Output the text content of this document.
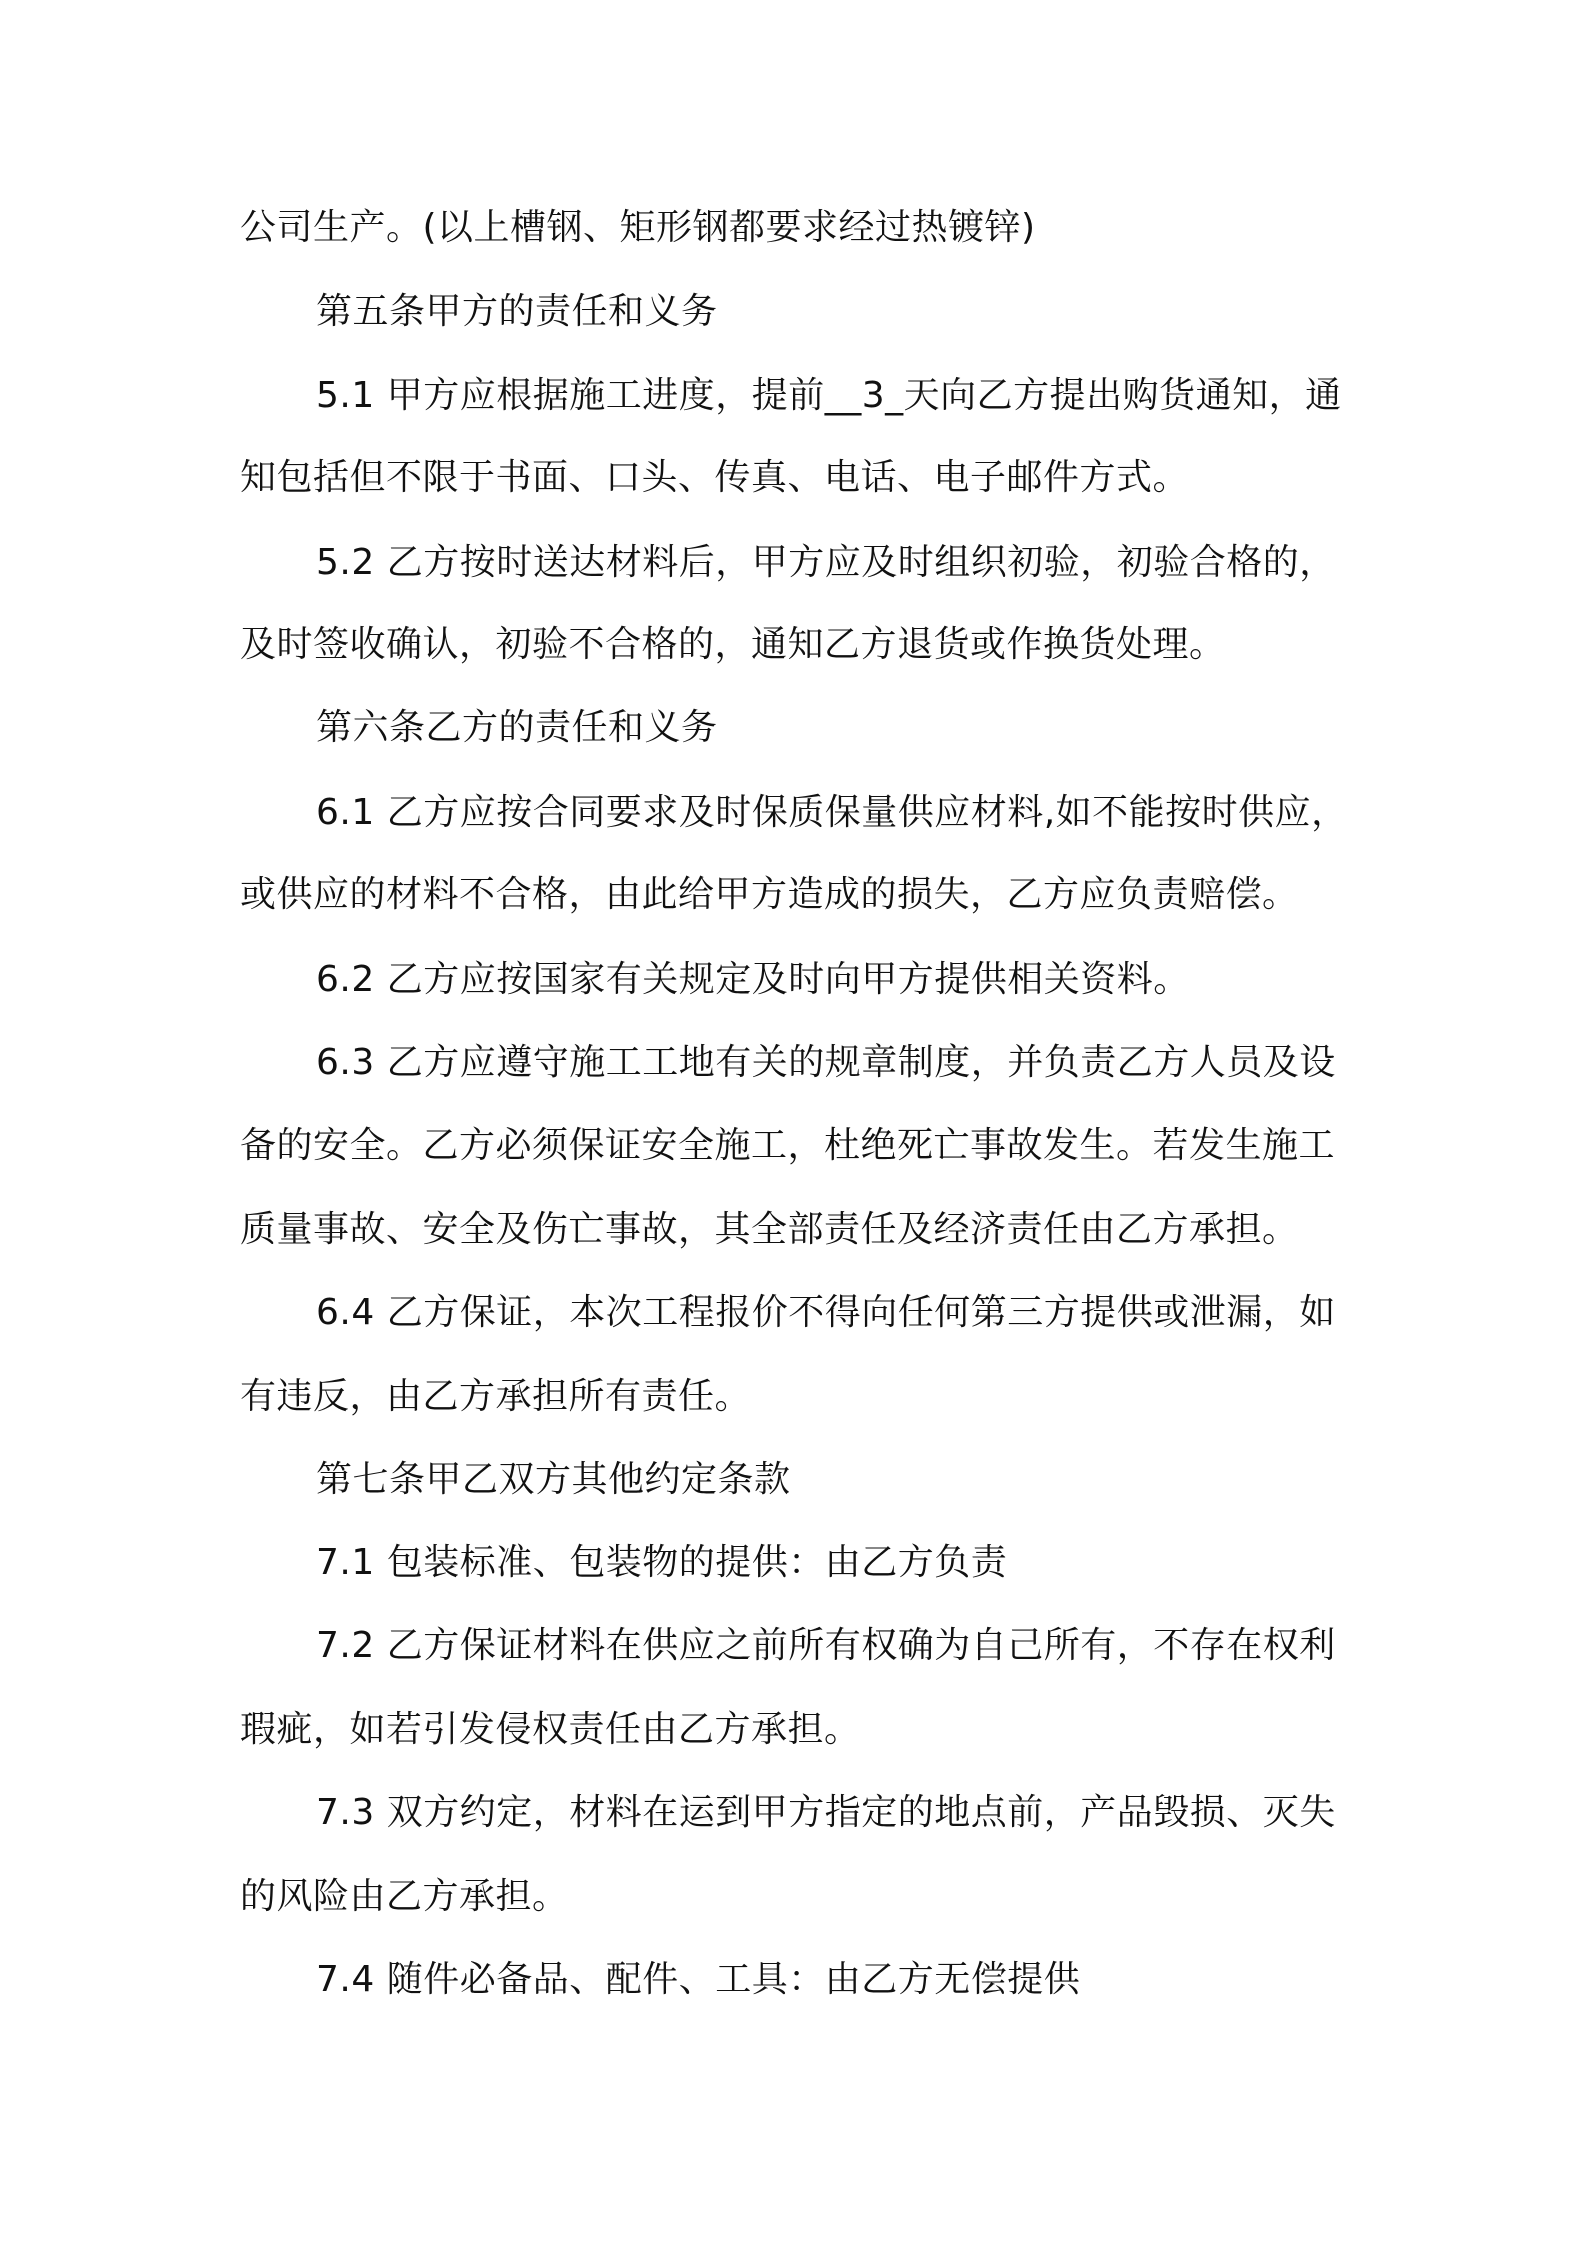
公司生产。(以上槽钢、矩形钢都要求经过热镀锌)
第五条甲方的责任和义务
5.1 甲方应根据施工进度，提前__3_天向乙方提出购货通知，通
知包括但不限于书面、口头、传真、电话、电子邮件方式。
5.2 乙方按时送达材料后，甲方应及时组织初验，初验合格的，
及时签收确认，初验不合格的，通知乙方退货或作换货处理。
第六条乙方的责任和义务
6.1 乙方应按合同要求及时保质保量供应材料,如不能按时供应，
或供应的材料不合格，由此给甲方造成的损失，乙方应负责赔偿。
6.2 乙方应按国家有关规定及时向甲方提供相关资料。
6.3 乙方应遵守施工工地有关的规章制度，并负责乙方人员及设
备的安全。乙方必须保证安全施工，杜绝死亡事故发生。若发生施工
质量事故、安全及伤亡事故，其全部责任及经济责任由乙方承担。
6.4 乙方保证，本次工程报价不得向任何第三方提供或泄漏，如
有违反，由乙方承担所有责任。
第七条甲乙双方其他约定条款
7.1 包装标准、包装物的提供：由乙方负责
7.2 乙方保证材料在供应之前所有权确为自己所有，不存在权利
瑕疵，如若引发侵权责任由乙方承担。
7.3 双方约定，材料在运到甲方指定的地点前，产品毁损、灭失
的风险由乙方承担。
7.4 随件必备品、配件、工具：由乙方无偿提供
